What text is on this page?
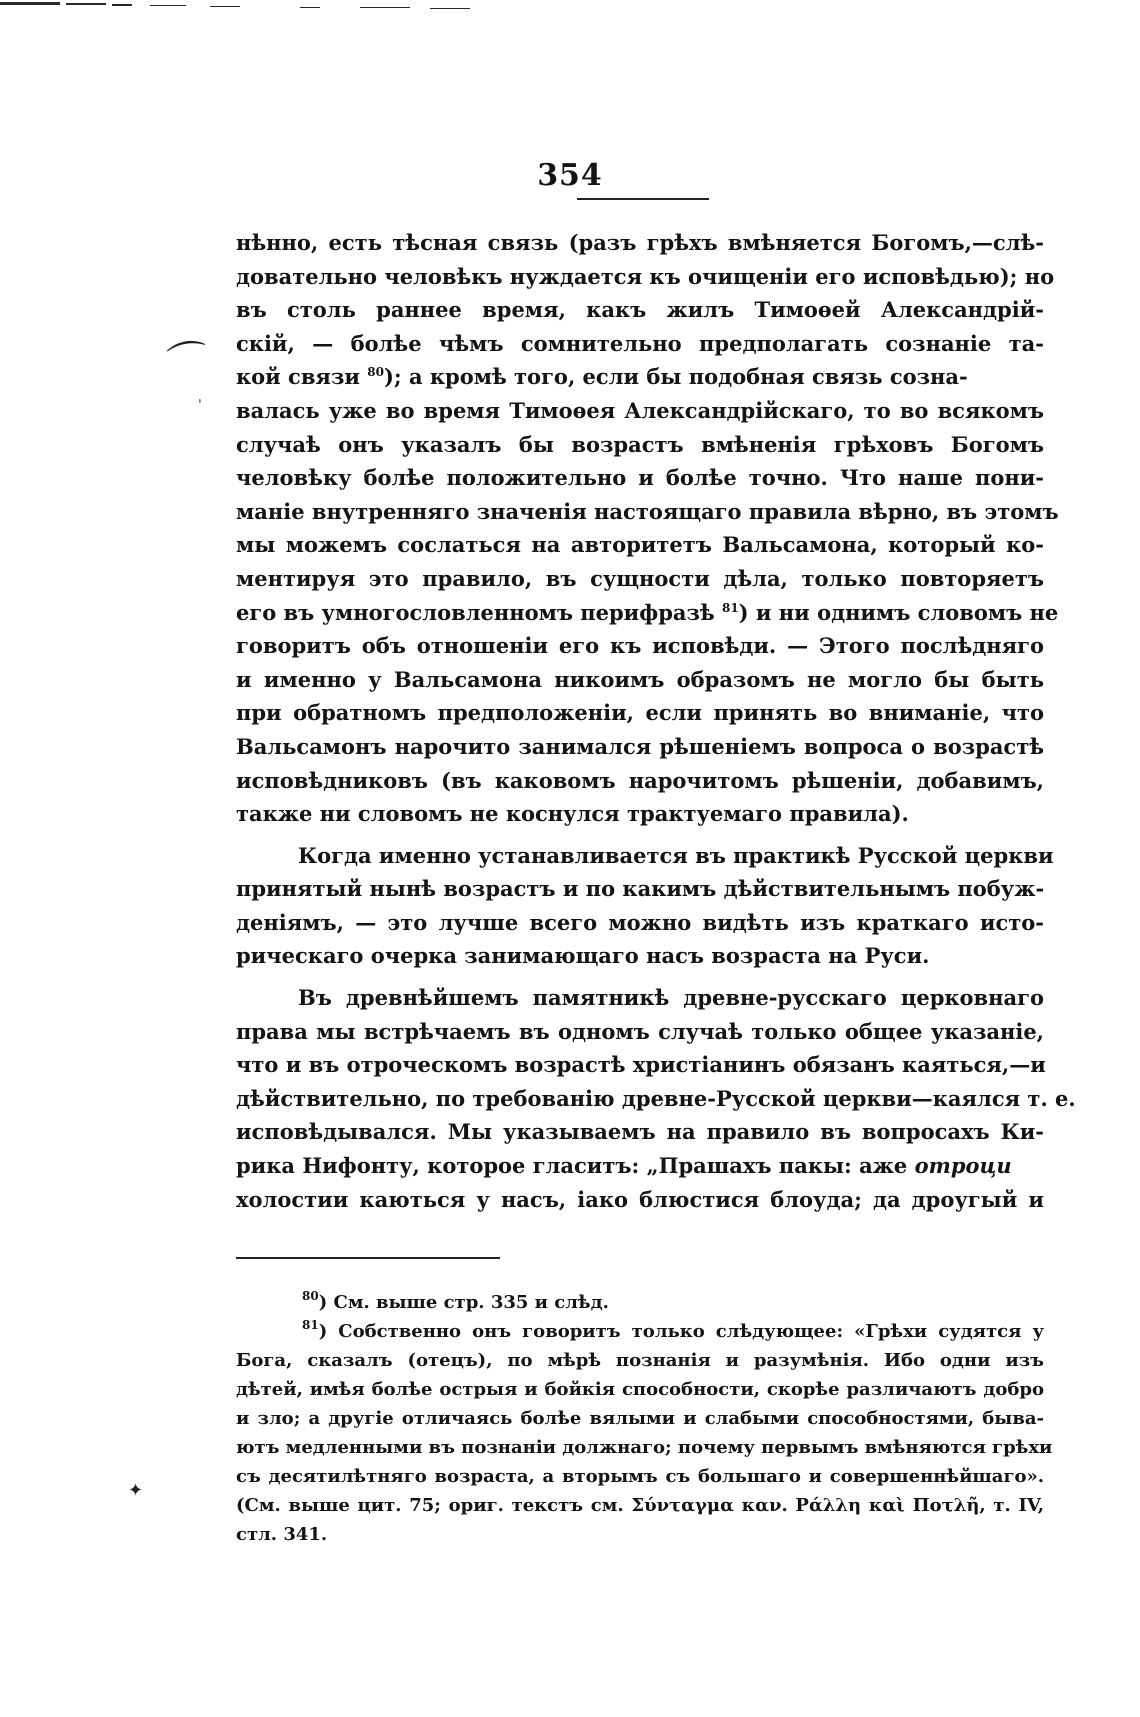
354
⌒
ˈ
✦
нѣнно, есть тѣсная связь (разъ грѣхъ вмѣняется Богомъ,—слѣ-
довательно человѣкъ нуждается къ очищеніи его исповѣдью); но
въ столь раннее время, какъ жилъ Тимоѳей Александрій-
скій, — болѣе чѣмъ сомнительно предполагать сознаніе та-
кой связи $^{80}$); а кромѣ того, если бы подобная связь созна-
валась уже во время Тимоѳея Александрійскаго, то во всякомъ
случаѣ онъ указалъ бы возрастъ вмѣненія грѣховъ Богомъ
человѣку болѣе положительно и болѣе точно. Что наше пони-
маніе внутренняго значенія настоящаго правила вѣрно, въ этомъ
мы можемъ сослаться на авторитетъ Вальсамона, который ко-
ментируя это правило, въ сущности дѣла, только повторяетъ
его въ умногословленномъ перифразѣ $^{81}$) и ни однимъ словомъ не
говоритъ объ отношеніи его къ исповѣди. — Этого послѣдняго
и именно у Вальсамона никоимъ образомъ не могло бы быть
при обратномъ предположеніи, если принять во вниманіе, что
Вальсамонъ нарочито занимался рѣшеніемъ вопроса о возрастѣ
исповѣдниковъ (въ каковомъ нарочитомъ рѣшеніи, добавимъ,
также ни словомъ не коснулся трактуемаго правила).
Когда именно устанавливается въ практикѣ Русской церкви
принятый нынѣ возрастъ и по какимъ дѣйствительнымъ побуж-
деніямъ, — это лучше всего можно видѣть изъ краткаго исто-
рическаго очерка занимающаго насъ возраста на Руси.
Въ древнѣйшемъ памятникѣ древне-русскаго церковнаго
права мы встрѣчаемъ въ одномъ случаѣ только общее указаніе,
что и въ отроческомъ возрастѣ христіанинъ обязанъ каяться,—и
дѣйствительно, по требованію древне-Русской церкви—каялся т. е.
исповѣдывался. Мы указываемъ на правило въ вопросахъ Ки-
рика Нифонту, которое гласитъ: „Прашахъ пакы: аже отроци
холостии каються у насъ, іако блюстися блоуда; да дроугый и
$^{80}$) См. выше стр. 335 и слѣд.
$^{81}$) Собственно онъ говоритъ только слѣдующее: «Грѣхи судятся у
Бога, сказалъ (отецъ), по мѣрѣ познанія и разумѣнія. Ибо одни изъ
дѣтей, имѣя болѣе острыя и бойкія способности, скорѣе различаютъ добро
и зло; а другіе отличаясь болѣе вялыми и слабыми способностями, быва-
ютъ медленными въ познаніи должнаго; почему первымъ вмѣняются грѣхи
съ десятилѣтняго возраста, а вторымъ съ большаго и совершеннѣйшаго».
(См. выше цит. 75; ориг. текстъ см. Σύνταγμα καν. Ράλλη καὶ Ποτλῆ, т. IV,
стл. 341.
